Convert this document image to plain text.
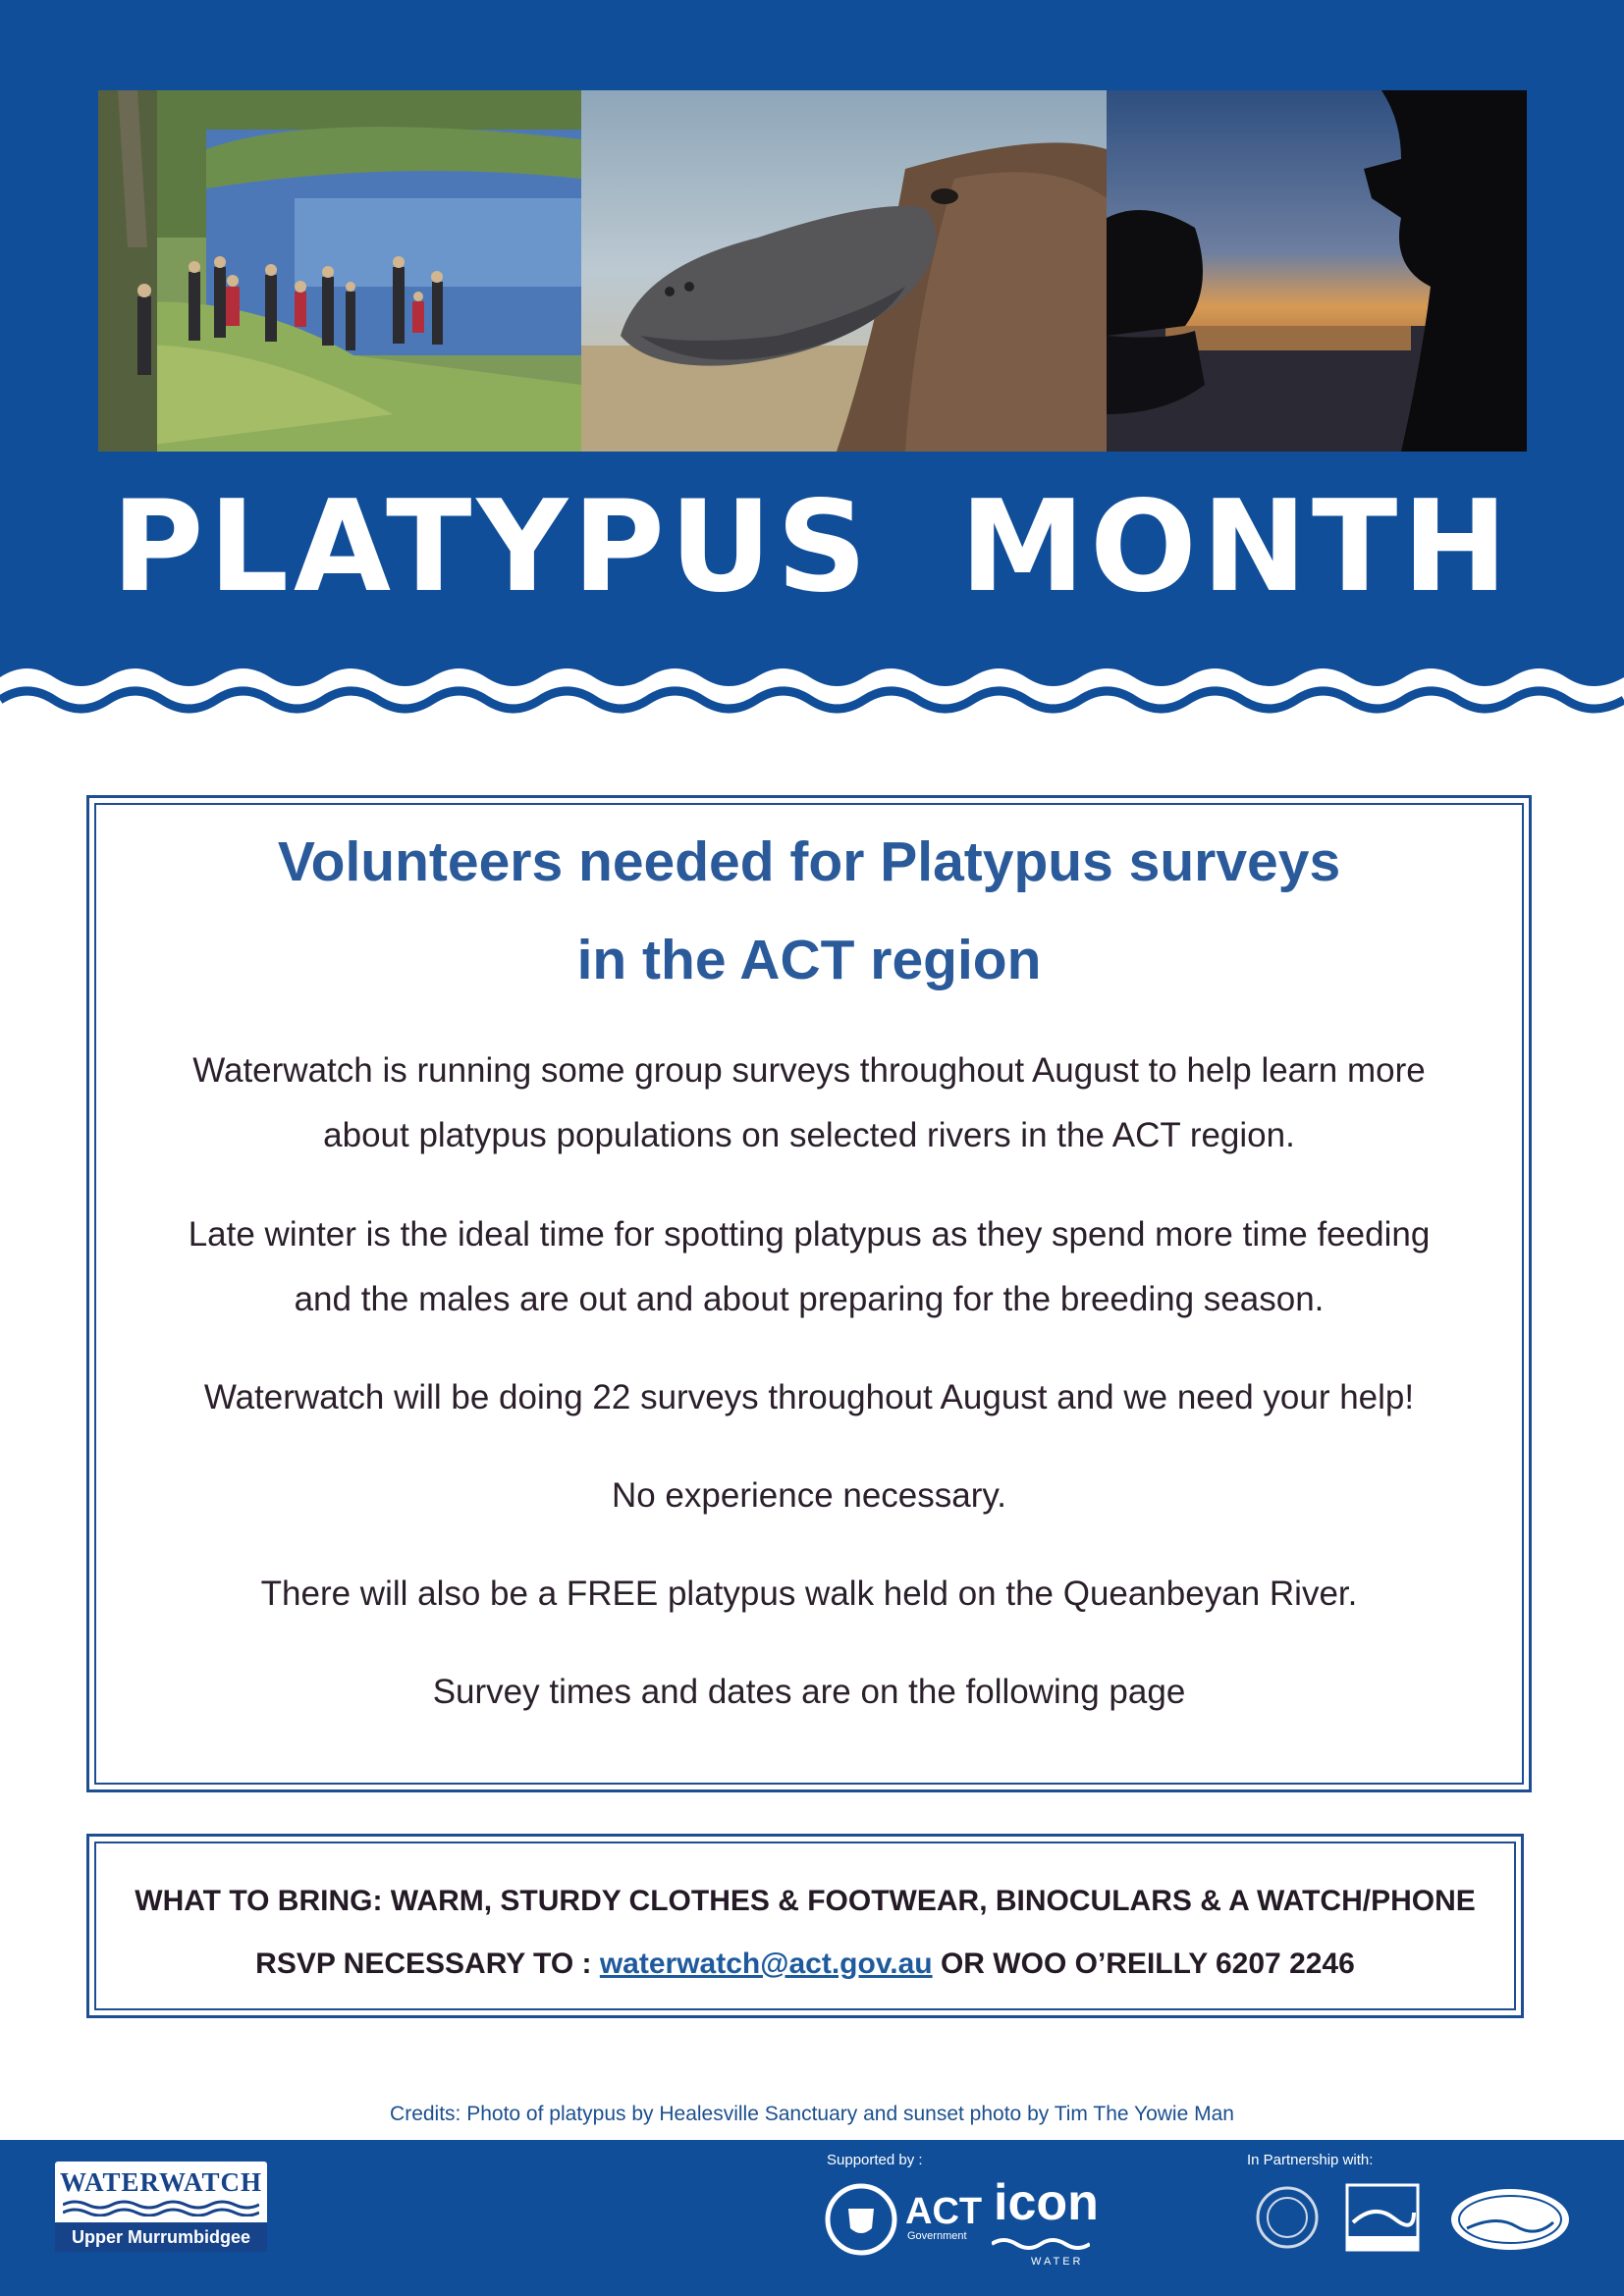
PLATYPUS MONTH
Volunteers needed for Platypus surveys
in the ACT region

Waterwatch is running some group surveys throughout August to help learn more

about platypus populations on selected rivers in the ACT region.

Late winter is the ideal time for spotting platypus as they spend more time feeding

and the males are out and about preparing for the breeding season.

Waterwatch will be doing 22 surveys throughout August and we need your help!

No experience necessary.

There will also be a FREE platypus walk held on the Queanbeyan River.

Survey times and dates are on the following page

WHAT TO BRING: WARM, STURDY CLOTHES & FOOTWEAR, BINOCULARS & A WATCH/PHONE

RSVP NECESSARY TO : waterwatch@act.gov.au OR WOO O’REILLY 6207 2246

Credits: Photo of platypus by Healesville Sanctuary and sunset photo by Tim The Yowie Man

WATERWATCH
Upper Murrumbidgee
Supported by :
ACT
Government
icon
WATER
In Partnership with:
